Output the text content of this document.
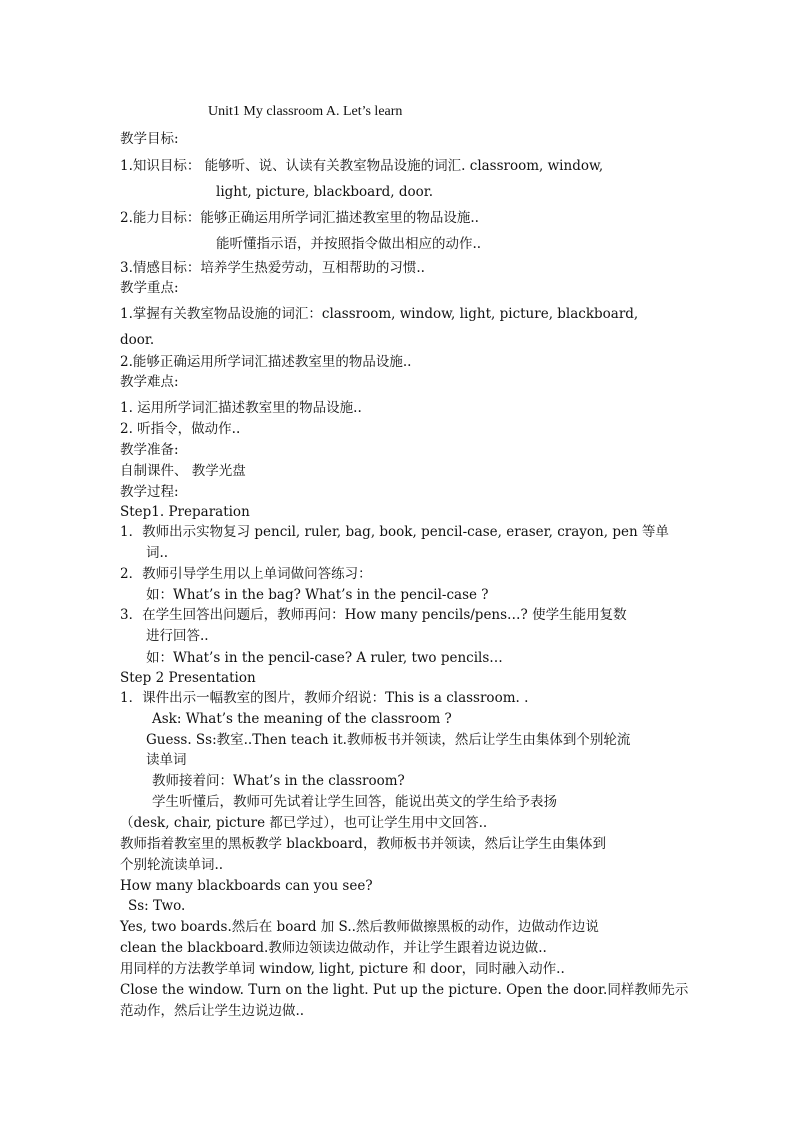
Unit1 My classroom A. Let’s learn
教学目标:
1.知识目标： 能够听、说、认读有关教室物品设施的词汇. classroom, window,
light, picture, blackboard, door.
2.能力目标：能够正确运用所学词汇描述教室里的物品设施..
能听懂指示语，并按照指令做出相应的动作..
3.情感目标：培养学生热爱劳动，互相帮助的习惯..
教学重点:
1.掌握有关教室物品设施的词汇：classroom, window, light, picture, blackboard,
door.
2.能够正确运用所学词汇描述教室里的物品设施..
教学难点:
1. 运用所学词汇描述教室里的物品设施..
2. 听指令，做动作..
教学准备:
自制课件、 教学光盘
教学过程:
Step1. Preparation
1．教师出示实物复习 pencil, ruler, bag, book, pencil-case, eraser, crayon, pen 等单
词..
2．教师引导学生用以上单词做问答练习：
如：What’s in the bag? What’s in the pencil-case ?
3．在学生回答出问题后，教师再问：How many pencils/pens…? 使学生能用复数
进行回答..
如：What’s in the pencil-case? A ruler, two pencils…
Step 2 Presentation
1．课件出示一幅教室的图片，教师介绍说：This is a classroom. .
Ask: What’s the meaning of the classroom ?
Guess. Ss:教室..Then teach it.教师板书并领读，然后让学生由集体到个别轮流
读单词
教师接着问：What’s in the classroom?
学生听懂后，教师可先试着让学生回答，能说出英文的学生给予表扬
（desk, chair, picture 都已学过），也可让学生用中文回答..
教师指着教室里的黑板教学 blackboard，教师板书并领读，然后让学生由集体到
个别轮流读单词..
How many blackboards can you see?
Ss: Two.
Yes, two boards.然后在 board 加 S..然后教师做擦黑板的动作，边做动作边说
clean the blackboard.教师边领读边做动作，并让学生跟着边说边做..
用同样的方法教学单词 window, light, picture 和 door，同时融入动作..
Close the window. Turn on the light. Put up the picture. Open the door.同样教师先示
范动作，然后让学生边说边做..
